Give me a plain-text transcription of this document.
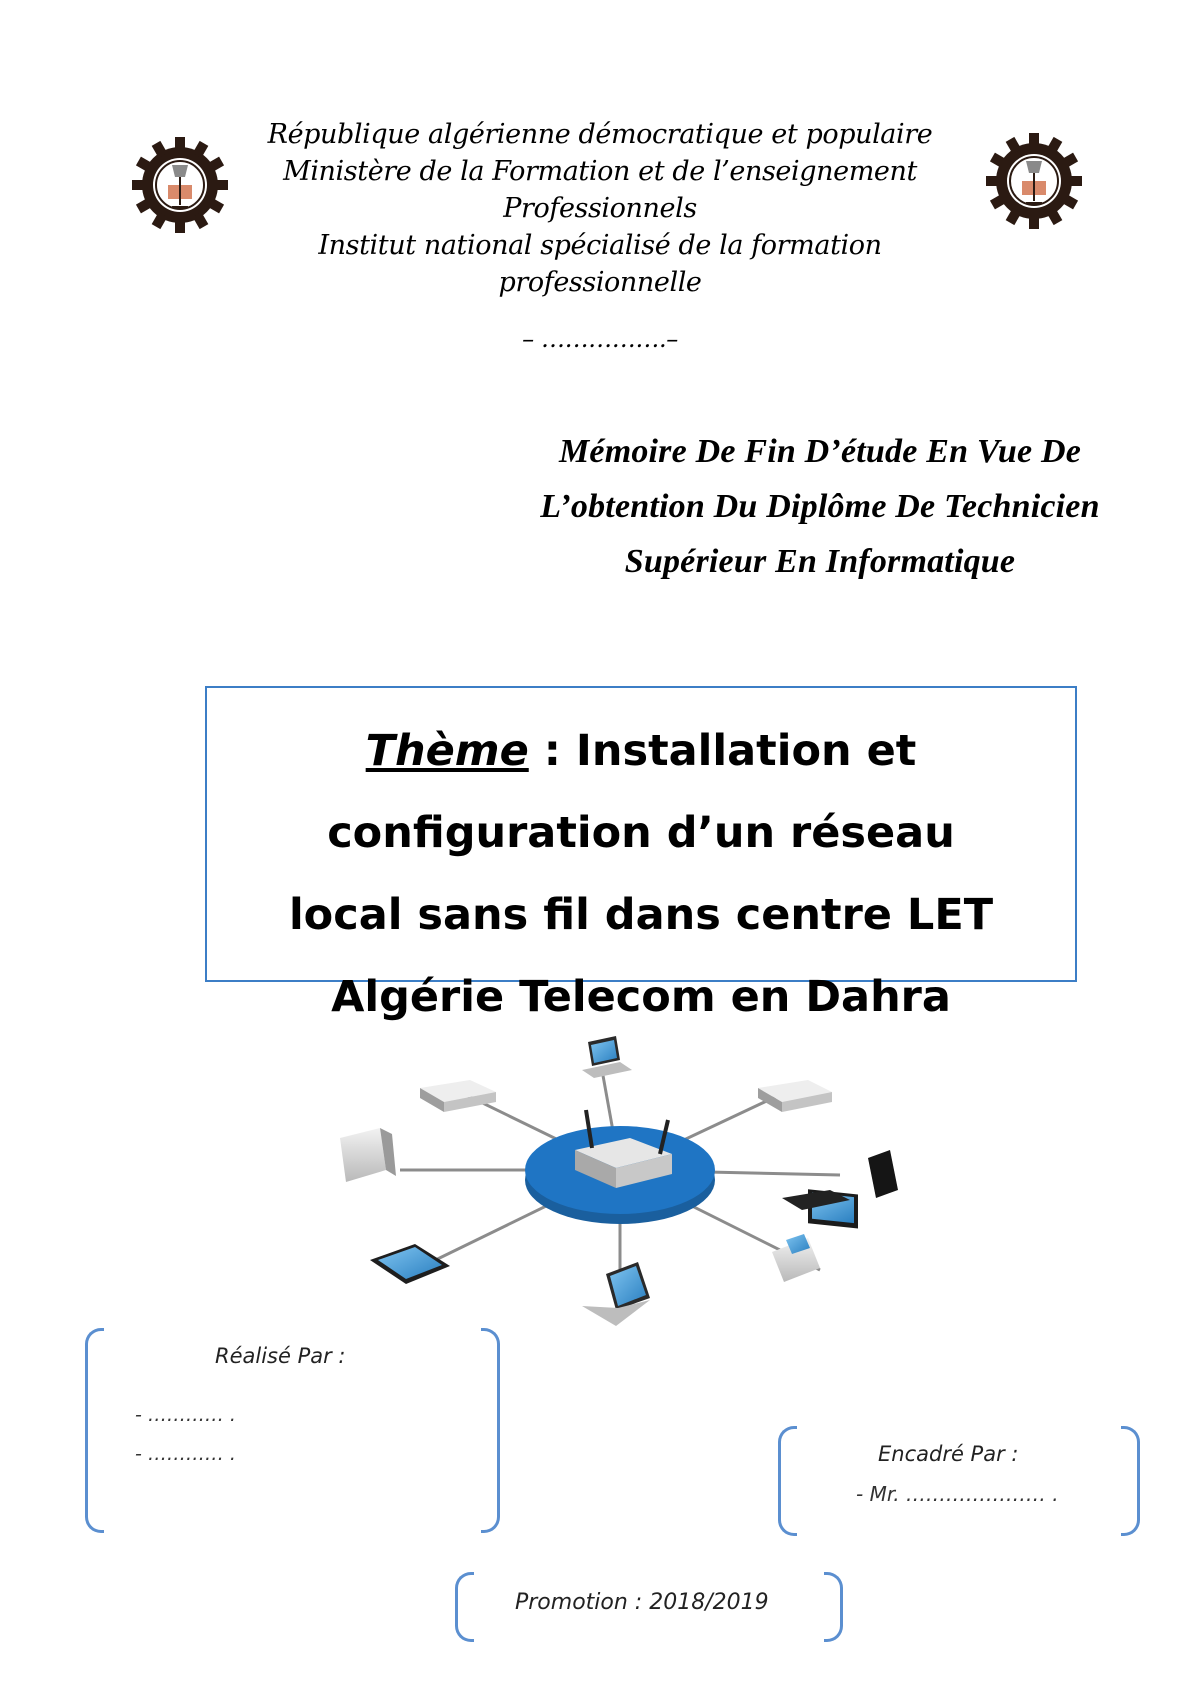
République algérienne démocratique et populaire
Ministère de la Formation et de l’enseignement
Professionnels
Institut national spécialisé de la formation
professionnelle
– …………….–
Mémoire De Fin D’étude En Vue De
L’obtention Du Diplôme De Technicien
Supérieur En Informatique
Thème : Installation et
configuration d’un réseau
local sans fil dans centre LET
Algérie Telecom en Dahra
Réalisé Par :
- ………… .
- ………… .	Encadré Par :
- Mr. ………………… .
Promotion : 2018/2019
